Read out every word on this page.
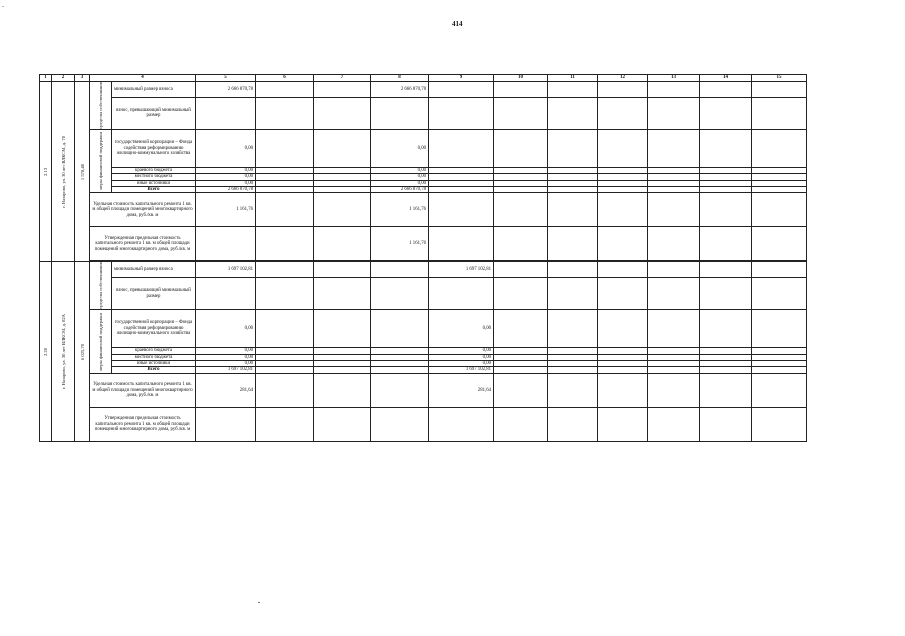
-
414
1	2	3	4		5	6	7	8	9	10	11	12	13	14	15

2.13	г. Назарово, ул. 30 лет ВЛКСМ, д. 70	1 578,40	средства собственников	минимальный размер взноса	2 666 870,78			2 666 870,78							
				взнос, превышающий минимальный размер											

			меры финансовой поддержки	государственной корпорации – Фонда содействия реформированию жилищно-коммунального хозяйства	0,00			0,00							
				краевого бюджета	0,00			0,00							
				местного бюджета	0,00			0,00							
				иные источники	0,00			0,00							
				Всего	2 666 870,78			2 666 870,78							
			Удельная стоимость капитального ремонта 1 кв. м общей площади помещений многоквартирного дома, руб./кв. м		1 161,76			1 161,76							
			Утвержденная предельная стоимость капитального ремонта 1 кв. м общей площади помещений многоквартирного дома, руб./кв. м					1 161,76							

2.20	г. Назарово, ул. 30 лет ВЛКСМ, д. 82А	6 025,70	средства собственников	минимальный размер взноса	1 697 102,81				1 697 102,81						
				взнос, превышающий минимальный размер											

			меры финансовой поддержки	государственной корпорации – Фонда содействия реформированию жилищно-коммунального хозяйства	0,00				0,00						
				краевого бюджета	0,00				0,00						
				местного бюджета	0,00				0,00						
				иные источники	0,00				0,00						
				Всего	1 697 102,81				1 697 102,81						
			Удельная стоимость капитального ремонта 1 кв. м общей площади помещений многоквартирного дома, руб./кв. м		281,64				281,64						
			Утвержденная предельная стоимость капитального ремонта 1 кв. м общей площади помещений многоквартирного дома, руб./кв. м												
